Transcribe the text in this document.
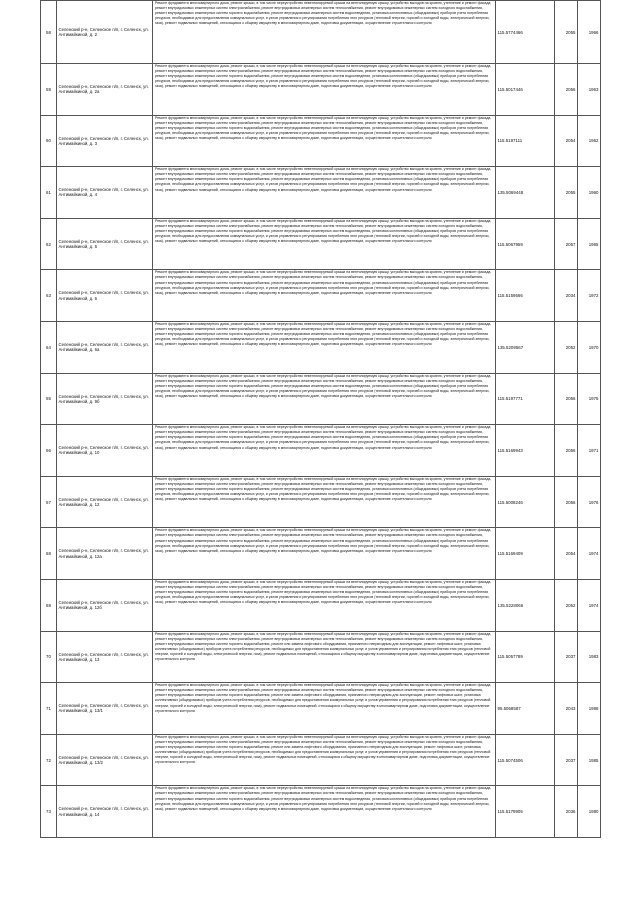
58	Селенский р-н, Селенское п/п, г. Селенск, ул. Антимайкиной, д. 2	Ремонт фундамента многоквартирного дома, ремонт крыши, в том числе переустройство невентилируемой крыши на вентилируемую крышу, устройство выходов на кровлю, утепление и ремонт фасада, ремонт внутридомовых инженерных систем электроснабжения, ремонт внутридомовых инженерных систем теплоснабжения, ремонт внутридомовых инженерных систем холодного водоснабжения, ремонт внутридомовых инженерных систем горячего водоснабжения, ремонт внутридомовых инженерных систем водоотведения, установка коллективных (общедомовых) приборов учета потребления ресурсов, необходимых для предоставления коммунальных услуг, и узлов управления и регулирования потребления этих ресурсов (тепловой энергии, горячей и холодной воды, электрической энергии, газа), ремонт подвальных помещений, относящихся к общему имуществу в многоквартирном доме, подготовка документации, осуществление строительного контроля	115.5774466	2055	1966
59	Селенский р-н, Селенское п/п, г. Селенск, ул. Антимайкиной, д. 2а	Ремонт фундамента многоквартирного дома, ремонт крыши, в том числе переустройство невентилируемой крыши на вентилируемую крышу, устройство выходов на кровлю, утепление и ремонт фасада, ремонт внутридомовых инженерных систем электроснабжения, ремонт внутридомовых инженерных систем теплоснабжения, ремонт внутридомовых инженерных систем холодного водоснабжения, ремонт внутридомовых инженерных систем горячего водоснабжения, ремонт внутридомовых инженерных систем водоотведения, установка коллективных (общедомовых) приборов учета потребления ресурсов, необходимых для предоставления коммунальных услуг, и узлов управления и регулирования потребления этих ресурсов (тепловой энергии, горячей и холодной воды, электрической энергии, газа), ремонт подвальных помещений, относящихся к общему имуществу в многоквартирном доме, подготовка документации, осуществление строительного контроля	115.5017446	2056	1963
60	Селенский р-н, Селенское п/п, г. Селенск, ул. Антимайкиной, д. 3	Ремонт фундамента многоквартирного дома, ремонт крыши, в том числе переустройство невентилируемой крыши на вентилируемую крышу, устройство выходов на кровлю, утепление и ремонт фасада, ремонт внутридомовых инженерных систем электроснабжения, ремонт внутридомовых инженерных систем теплоснабжения, ремонт внутридомовых инженерных систем холодного водоснабжения, ремонт внутридомовых инженерных систем горячего водоснабжения, ремонт внутридомовых инженерных систем водоотведения, установка коллективных (общедомовых) приборов учета потребления ресурсов, необходимых для предоставления коммунальных услуг, и узлов управления и регулирования потребления этих ресурсов (тепловой энергии, горячей и холодной воды, электрической энергии, газа), ремонт подвальных помещений, относящихся к общему имуществу в многоквартирном доме, подготовка документации, осуществление строительного контроля	115.5197111	2054	1962
61	Селенский р-н, Селенское п/п, г. Селенск, ул. Антимайкиной, д. 4	Ремонт фундамента многоквартирного дома, ремонт крыши, в том числе переустройство невентилируемой крыши на вентилируемую крышу, устройство выходов на кровлю, утепление и ремонт фасада, ремонт внутридомовых инженерных систем электроснабжения, ремонт внутридомовых инженерных систем теплоснабжения, ремонт внутридомовых инженерных систем холодного водоснабжения, ремонт внутридомовых инженерных систем горячего водоснабжения, ремонт внутридомовых инженерных систем водоотведения, установка коллективных (общедомовых) приборов учета потребления ресурсов, необходимых для предоставления коммунальных услуг, и узлов управления и регулирования потребления этих ресурсов (тепловой энергии, горячей и холодной воды, электрической энергии, газа), ремонт подвальных помещений, относящихся к общему имуществу в многоквартирном доме, подготовка документации, осуществление строительного контроля	135.5069448	2055	1960
62	Селенский р-н, Селенское п/п, г. Селенск, ул. Антимайкиной, д. 5	Ремонт фундамента многоквартирного дома, ремонт крыши, в том числе переустройство невентилируемой крыши на вентилируемую крышу, устройство выходов на кровлю, утепление и ремонт фасада, ремонт внутридомовых инженерных систем электроснабжения, ремонт внутридомовых инженерных систем теплоснабжения, ремонт внутридомовых инженерных систем холодного водоснабжения, ремонт внутридомовых инженерных систем горячего водоснабжения, ремонт внутридомовых инженерных систем водоотведения, установка коллективных (общедомовых) приборов учета потребления ресурсов, необходимых для предоставления коммунальных услуг, и узлов управления и регулирования потребления этих ресурсов (тепловой энергии, горячей и холодной воды, электрической энергии, газа), ремонт подвальных помещений, относящихся к общему имуществу в многоквартирном доме, подготовка документации, осуществление строительного контроля	115.5067959	2057	1965
63	Селенский р-н, Селенское п/п, г. Селенск, ул. Антимайкиной, д. 6	Ремонт фундамента многоквартирного дома, ремонт крыши, в том числе переустройство невентилируемой крыши на вентилируемую крышу, устройство выходов на кровлю, утепление и ремонт фасада, ремонт внутридомовых инженерных систем электроснабжения, ремонт внутридомовых инженерных систем теплоснабжения, ремонт внутридомовых инженерных систем холодного водоснабжения, ремонт внутридомовых инженерных систем горячего водоснабжения, ремонт внутридомовых инженерных систем водоотведения, установка коллективных (общедомовых) приборов учета потребления ресурсов, необходимых для предоставления коммунальных услуг, и узлов управления и регулирования потребления этих ресурсов (тепловой энергии, горячей и холодной воды, электрической энергии, газа), ремонт подвальных помещений, относящихся к общему имуществу в многоквартирном доме, подготовка документации, осуществление строительного контроля	115.5159566	2034	1972
64	Селенский р-н, Селенское п/п, г. Селенск, ул. Антимайкиной, д. 6а	Ремонт фундамента многоквартирного дома, ремонт крыши, в том числе переустройство невентилируемой крыши на вентилируемую крышу, устройство выходов на кровлю, утепление и ремонт фасада, ремонт внутридомовых инженерных систем электроснабжения, ремонт внутридомовых инженерных систем теплоснабжения, ремонт внутридомовых инженерных систем холодного водоснабжения, ремонт внутридомовых инженерных систем горячего водоснабжения, ремонт внутридомовых инженерных систем водоотведения, установка коллективных (общедомовых) приборов учета потребления ресурсов, необходимых для предоставления коммунальных услуг, и узлов управления и регулирования потребления этих ресурсов (тепловой энергии, горячей и холодной воды, электрической энергии, газа), ремонт подвальных помещений, относящихся к общему имуществу в многоквартирном доме, подготовка документации, осуществление строительного контроля	135.5209567	2052	1970
65	Селенский р-н, Селенское п/п, г. Селенск, ул. Антимайкиной, д. 9б	Ремонт фундамента многоквартирного дома, ремонт крыши, в том числе переустройство невентилируемой крыши на вентилируемую крышу, устройство выходов на кровлю, утепление и ремонт фасада, ремонт внутридомовых инженерных систем электроснабжения, ремонт внутридомовых инженерных систем теплоснабжения, ремонт внутридомовых инженерных систем холодного водоснабжения, ремонт внутридомовых инженерных систем горячего водоснабжения, ремонт внутридомовых инженерных систем водоотведения, установка коллективных (общедомовых) приборов учета потребления ресурсов, необходимых для предоставления коммунальных услуг, и узлов управления и регулирования потребления этих ресурсов (тепловой энергии, горячей и холодной воды, электрической энергии, газа), ремонт подвальных помещений, относящихся к общему имуществу в многоквартирном доме, подготовка документации, осуществление строительного контроля	115.5197771	2056	1975
66	Селенский р-н, Селенское п/п, г. Селенск, ул. Антимайкиной, д. 10	Ремонт фундамента многоквартирного дома, ремонт крыши, в том числе переустройство невентилируемой крыши на вентилируемую крышу, устройство выходов на кровлю, утепление и ремонт фасада, ремонт внутридомовых инженерных систем электроснабжения, ремонт внутридомовых инженерных систем теплоснабжения, ремонт внутридомовых инженерных систем холодного водоснабжения, ремонт внутридомовых инженерных систем горячего водоснабжения, ремонт внутридомовых инженерных систем водоотведения, установка коллективных (общедомовых) приборов учета потребления ресурсов, необходимых для предоставления коммунальных услуг, и узлов управления и регулирования потребления этих ресурсов (тепловой энергии, горячей и холодной воды, электрической энергии, газа), ремонт подвальных помещений, относящихся к общему имуществу в многоквартирном доме, подготовка документации, осуществление строительного контроля	115.5169943	2056	1971
67	Селенский р-н, Селенское п/п, г. Селенск, ул. Антимайкиной, д. 12	Ремонт фундамента многоквартирного дома, ремонт крыши, в том числе переустройство невентилируемой крыши на вентилируемую крышу, устройство выходов на кровлю, утепление и ремонт фасада, ремонт внутридомовых инженерных систем электроснабжения, ремонт внутридомовых инженерных систем теплоснабжения, ремонт внутридомовых инженерных систем холодного водоснабжения, ремонт внутридомовых инженерных систем горячего водоснабжения, ремонт внутридомовых инженерных систем водоотведения, установка коллективных (общедомовых) приборов учета потребления ресурсов, необходимых для предоставления коммунальных услуг, и узлов управления и регулирования потребления этих ресурсов (тепловой энергии, горячей и холодной воды, электрической энергии, газа), ремонт подвальных помещений, относящихся к общему имуществу в многоквартирном доме, подготовка документации, осуществление строительного контроля	115.5008246	2056	1976
68	Селенский р-н, Селенское п/п, г. Селенск, ул. Антимайкиной, д. 12а	Ремонт фундамента многоквартирного дома, ремонт крыши, в том числе переустройство невентилируемой крыши на вентилируемую крышу, устройство выходов на кровлю, утепление и ремонт фасада, ремонт внутридомовых инженерных систем электроснабжения, ремонт внутридомовых инженерных систем теплоснабжения, ремонт внутридомовых инженерных систем холодного водоснабжения, ремонт внутридомовых инженерных систем горячего водоснабжения, ремонт внутридомовых инженерных систем водоотведения, установка коллективных (общедомовых) приборов учета потребления ресурсов, необходимых для предоставления коммунальных услуг, и узлов управления и регулирования потребления этих ресурсов (тепловой энергии, горячей и холодной воды, электрической энергии, газа), ремонт подвальных помещений, относящихся к общему имуществу в многоквартирном доме, подготовка документации, осуществление строительного контроля	115.5169409	2054	1974
69	Селенский р-н, Селенское п/п, г. Селенск, ул. Антимайкиной, д. 12б	Ремонт фундамента многоквартирного дома, ремонт крыши, в том числе переустройство невентилируемой крыши на вентилируемую крышу, устройство выходов на кровлю, утепление и ремонт фасада, ремонт внутридомовых инженерных систем электроснабжения, ремонт внутридомовых инженерных систем теплоснабжения, ремонт внутридомовых инженерных систем холодного водоснабжения, ремонт внутридомовых инженерных систем горячего водоснабжения, ремонт внутридомовых инженерных систем водоотведения, установка коллективных (общедомовых) приборов учета потребления ресурсов, необходимых для предоставления коммунальных услуг, и узлов управления и регулирования потребления этих ресурсов (тепловой энергии, горячей и холодной воды, электрической энергии, газа), ремонт подвальных помещений, относящихся к общему имуществу в многоквартирном доме, подготовка документации, осуществление строительного контроля	135.5228066	2052	1974
70	Селенский р-н, Селенское п/п, г. Селенск, ул. Антимайкиной, д. 13	Ремонт фундамента многоквартирного дома, ремонт крыши, в том числе переустройство невентилируемой крыши на вентилируемую крышу, устройство выходов на кровлю, утепление и ремонт фасада, ремонт внутридомовых инженерных систем электроснабжения, ремонт внутридомовых инженерных систем теплоснабжения, ремонт внутридомовых инженерных систем холодного водоснабжения, ремонт внутридомовых инженерных систем горячего водоснабжения, ремонт или замена лифтового оборудования, признанного непригодным для эксплуатации, ремонт лифтовых шахт, установка коллективных (общедомовых) приборов учета потребления ресурсов, необходимых для предоставления коммунальных услуг, и узлов управления и регулирования потребления этих ресурсов (тепловой энергии, горячей и холодной воды, электрической энергии, газа), ремонт подвальных помещений, относящихся к общему имуществу в многоквартирном доме, подготовка документации, осуществление строительного контроля	115.5057789	2037	1983
71	Селенский р-н, Селенское п/п, г. Селенск, ул. Антимайкиной, д. 13/1	Ремонт фундамента многоквартирного дома, ремонт крыши, в том числе переустройство невентилируемой крыши на вентилируемую крышу, устройство выходов на кровлю, утепление и ремонт фасада, ремонт внутридомовых инженерных систем электроснабжения, ремонт внутридомовых инженерных систем теплоснабжения, ремонт внутридомовых инженерных систем холодного водоснабжения, ремонт внутридомовых инженерных систем горячего водоснабжения, ремонт или замена лифтового оборудования, признанного непригодным для эксплуатации, ремонт лифтовых шахт, установка коллективных (общедомовых) приборов учета потребления ресурсов, необходимых для предоставления коммунальных услуг, и узлов управления и регулирования потребления этих ресурсов (тепловой энергии, горячей и холодной воды, электрической энергии, газа), ремонт подвальных помещений, относящихся к общему имуществу в многоквартирном доме, подготовка документации, осуществление строительного контроля	95.5068587	2043	1988
72	Селенский р-н, Селенское п/п, г. Селенск, ул. Антимайкиной, д. 13/2	Ремонт фундамента многоквартирного дома, ремонт крыши, в том числе переустройство невентилируемой крыши на вентилируемую крышу, устройство выходов на кровлю, утепление и ремонт фасада, ремонт внутридомовых инженерных систем электроснабжения, ремонт внутридомовых инженерных систем теплоснабжения, ремонт внутридомовых инженерных систем холодного водоснабжения, ремонт внутридомовых инженерных систем горячего водоснабжения, ремонт или замена лифтового оборудования, признанного непригодным для эксплуатации, ремонт лифтовых шахт, установка коллективных (общедомовых) приборов учета потребления ресурсов, необходимых для предоставления коммунальных услуг, и узлов управления и регулирования потребления этих ресурсов (тепловой энергии, горячей и холодной воды, электрической энергии, газа), ремонт подвальных помещений, относящихся к общему имуществу в многоквартирном доме, подготовка документации, осуществление строительного контроля	115.5074506	2037	1985
73	Селенский р-н, Селенское п/п, г. Селенск, ул. Антимайкиной, д. 14	Ремонт фундамента многоквартирного дома, ремонт крыши, в том числе переустройство невентилируемой крыши на вентилируемую крышу, устройство выходов на кровлю, утепление и ремонт фасада, ремонт внутридомовых инженерных систем электроснабжения, ремонт внутридомовых инженерных систем теплоснабжения, ремонт внутридомовых инженерных систем холодного водоснабжения, ремонт внутридомовых инженерных систем горячего водоснабжения, ремонт внутридомовых инженерных систем водоотведения, установка коллективных (общедомовых) приборов учета потребления ресурсов, необходимых для предоставления коммунальных услуг, и узлов управления и регулирования потребления этих ресурсов (тепловой энергии, горячей и холодной воды, электрической энергии, газа), ремонт подвальных помещений, относящихся к общему имуществу в многоквартирном доме, подготовка документации, осуществление строительного контроля	115.5179905	2036	1980
